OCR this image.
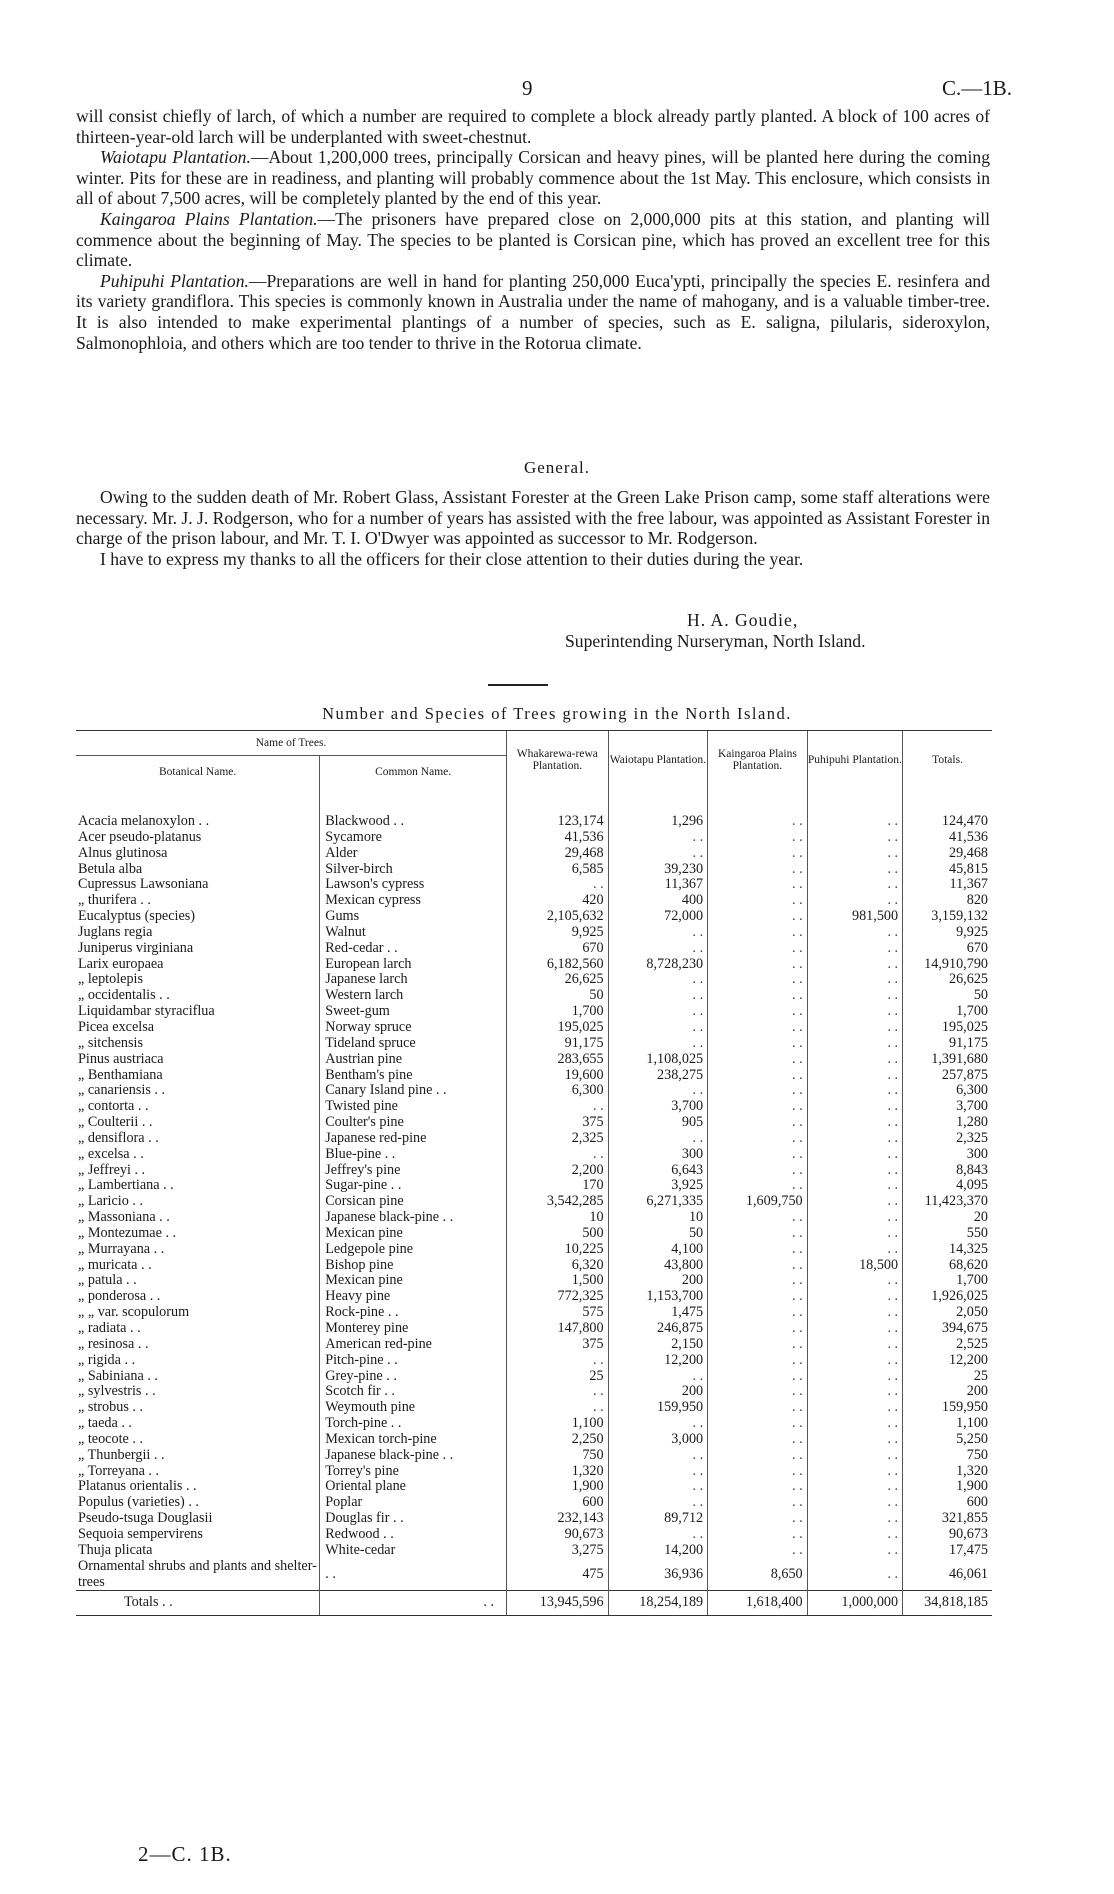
9	C.—1B.

will consist chiefly of larch, of which a number are required to complete a block already partly planted. A block of 100 acres of thirteen-year-old larch will be underplanted with sweet-chestnut.

Waiotapu Plantation.—About 1,200,000 trees, principally Corsican and heavy pines, will be planted here during the coming winter. Pits for these are in readiness, and planting will probably commence about the 1st May. This enclosure, which consists in all of about 7,500 acres, will be completely planted by the end of this year.

Kaingaroa Plains Plantation.—The prisoners have prepared close on 2,000,000 pits at this station, and planting will commence about the beginning of May. The species to be planted is Corsican pine, which has proved an excellent tree for this climate.

Puhipuhi Plantation.—Preparations are well in hand for planting 250,000 Euca'ypti, principally the species E. resinfera and its variety grandiflora. This species is commonly known in Australia under the name of mahogany, and is a valuable timber-tree. It is also intended to make experimental plantings of a number of species, such as E. saligna, pilularis, sideroxylon, Salmonophloia, and others which are too tender to thrive in the Rotorua climate.

General.

Owing to the sudden death of Mr. Robert Glass, Assistant Forester at the Green Lake Prison camp, some staff alterations were necessary. Mr. J. J. Rodgerson, who for a number of years has assisted with the free labour, was appointed as Assistant Forester in charge of the prison labour, and Mr. T. I. O'Dwyer was appointed as successor to Mr. Rodgerson.

I have to express my thanks to all the officers for their close attention to their duties during the year.

H. A. Goudie,
Superintending Nurseryman, North Island.
Number and Species of Trees growing in the North Island.
Name of Trees.		Whakarewa-rewa Plantation.	Waiotapu Plantation.	Kaingaroa Plains Plantation.	Puhipuhi Plantation.	Totals.
Botanical Name.	Common Name.					

Acacia melanoxylon . .	Blackwood . .	123,174	1,296	. .	. .	124,470
Acer pseudo-platanus	Sycamore	41,536	. .	. .	. .	41,536
Alnus glutinosa	Alder	29,468	. .	. .	. .	29,468
Betula alba	Silver-birch	6,585	39,230	. .	. .	45,815
Cupressus Lawsoniana	Lawson's cypress	. .	11,367	. .	. .	11,367
„ thurifera . .	Mexican cypress	420	400	. .	. .	820
Eucalyptus (species)	Gums	2,105,632	72,000	. .	981,500	3,159,132
Juglans regia	Walnut	9,925	. .	. .	. .	9,925
Juniperus virginiana	Red-cedar . .	670	. .	. .	. .	670
Larix europaea	European larch	6,182,560	8,728,230	. .	. .	14,910,790
„ leptolepis	Japanese larch	26,625	. .	. .	. .	26,625
„ occidentalis . .	Western larch	50	. .	. .	. .	50
Liquidambar styraciflua	Sweet-gum	1,700	. .	. .	. .	1,700
Picea excelsa	Norway spruce	195,025	. .	. .	. .	195,025
„ sitchensis	Tideland spruce	91,175	. .	. .	. .	91,175
Pinus austriaca	Austrian pine	283,655	1,108,025	. .	. .	1,391,680
„ Benthamiana	Bentham's pine	19,600	238,275	. .	. .	257,875
„ canariensis . .	Canary Island pine . .	6,300	. .	. .	. .	6,300
„ contorta . .	Twisted pine	. .	3,700	. .	. .	3,700
„ Coulterii . .	Coulter's pine	375	905	. .	. .	1,280
„ densiflora . .	Japanese red-pine	2,325	. .	. .	. .	2,325
„ excelsa . .	Blue-pine . .	. .	300	. .	. .	300
„ Jeffreyi . .	Jeffrey's pine	2,200	6,643	. .	. .	8,843
„ Lambertiana . .	Sugar-pine . .	170	3,925	. .	. .	4,095
„ Laricio . .	Corsican pine	3,542,285	6,271,335	1,609,750	. .	11,423,370
„ Massoniana . .	Japanese black-pine . .	10	10	. .	. .	20
„ Montezumae . .	Mexican pine	500	50	. .	. .	550
„ Murrayana . .	Ledgepole pine	10,225	4,100	. .	. .	14,325
„ muricata . .	Bishop pine	6,320	43,800	. .	18,500	68,620
„ patula . .	Mexican pine	1,500	200	. .	. .	1,700
„ ponderosa . .	Heavy pine	772,325	1,153,700	. .	. .	1,926,025
„ „ var. scopulorum	Rock-pine . .	575	1,475	. .	. .	2,050
„ radiata . .	Monterey pine	147,800	246,875	. .	. .	394,675
„ resinosa . .	American red-pine	375	2,150	. .	. .	2,525
„ rigida . .	Pitch-pine . .	. .	12,200	. .	. .	12,200
„ Sabiniana . .	Grey-pine . .	25	. .	. .	. .	25
„ sylvestris . .	Scotch fir . .	. .	200	. .	. .	200
„ strobus . .	Weymouth pine	. .	159,950	. .	. .	159,950
„ taeda . .	Torch-pine . .	1,100	. .	. .	. .	1,100
„ teocote . .	Mexican torch-pine	2,250	3,000	. .	. .	5,250
„ Thunbergii . .	Japanese black-pine . .	750	. .	. .	. .	750
„ Torreyana . .	Torrey's pine	1,320	. .	. .	. .	1,320
Platanus orientalis . .	Oriental plane	1,900	. .	. .	. .	1,900
Populus (varieties) . .	Poplar	600	. .	. .	. .	600
Pseudo-tsuga Douglasii	Douglas fir . .	232,143	89,712	. .	. .	321,855
Sequoia sempervirens	Redwood . .	90,673	. .	. .	. .	90,673
Thuja plicata	White-cedar	3,275	14,200	. .	. .	17,475
Ornamental shrubs and plants and shelter-trees	. .	475	36,936	8,650	. .	46,061
Totals . .	. .	13,945,596	18,254,189	1,618,400	1,000,000	34,818,185
2—C. 1B.
